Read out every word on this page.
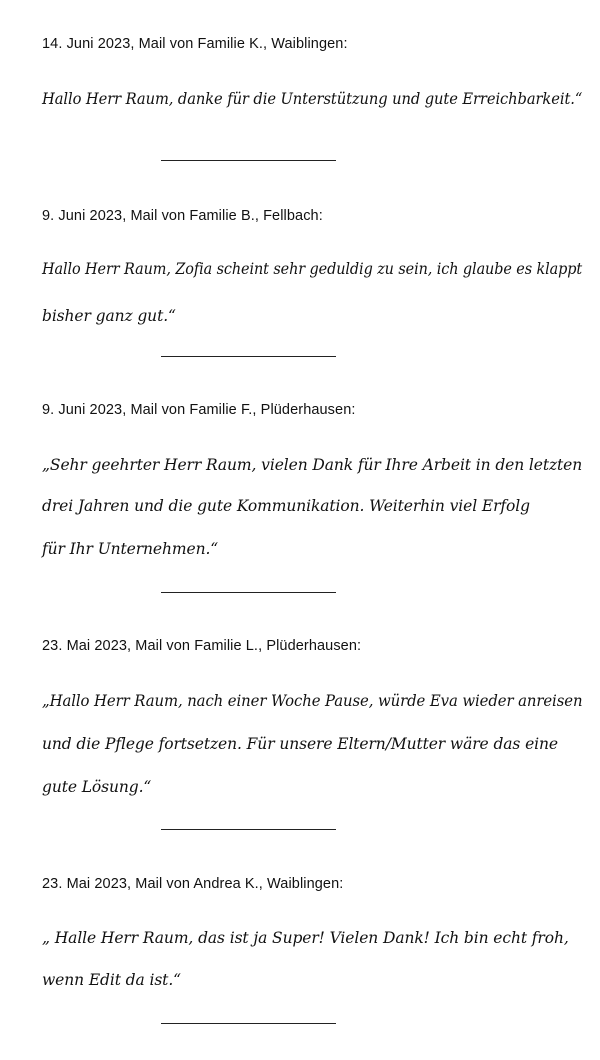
14. Juni 2023, Mail von Familie K., Waiblingen:
Hallo Herr Raum, danke für die Unterstützung und gute Erreichbarkeit.“
9. Juni 2023, Mail von Familie B., Fellbach:
Hallo Herr Raum, Zofia scheint sehr geduldig zu sein, ich glaube es klappt
bisher ganz gut.“
9. Juni 2023, Mail von Familie F., Plüderhausen:
„Sehr geehrter Herr Raum, vielen Dank für Ihre Arbeit in den letzten
drei Jahren und die gute Kommunikation. Weiterhin viel Erfolg
für Ihr Unternehmen.“
23. Mai 2023, Mail von Familie L., Plüderhausen:
„Hallo Herr Raum, nach einer Woche Pause, würde Eva wieder anreisen
und die Pflege fortsetzen. Für unsere Eltern/Mutter wäre das eine
gute Lösung.“
23. Mai 2023, Mail von Andrea K., Waiblingen:
„ Halle Herr Raum, das ist ja Super! Vielen Dank! Ich bin echt froh,
wenn Edit da ist.“
